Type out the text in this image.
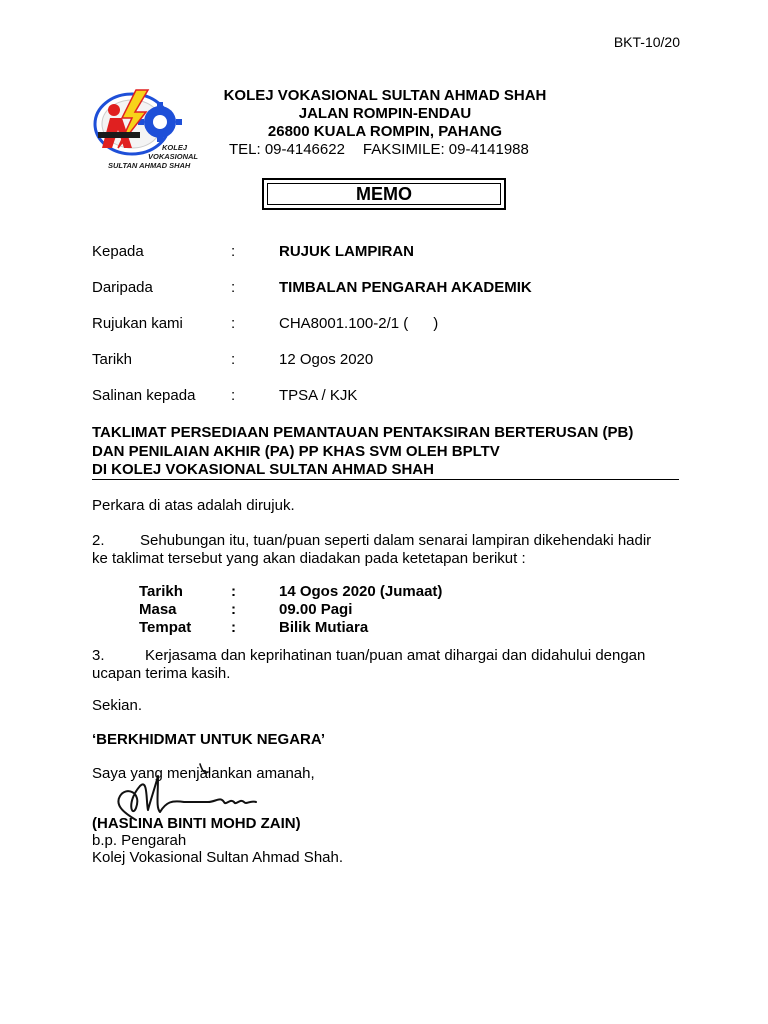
BKT-10/20
KOLEJ
VOKASIONAL
SULTAN AHMAD SHAH
KOLEJ VOKASIONAL SULTAN AHMAD SHAH
JALAN ROMPIN-ENDAU
26800 KUALA ROMPIN, PAHANG
TEL: 09-4146622 FAKSIMILE: 09-4141988
MEMO
Kepada	:	RUJUK LAMPIRAN
Daripada	:	TIMBALAN PENGARAH AKADEMIK
Rujukan kami	:	CHA8001.100-2/1 (      )
Tarikh	:	12 Ogos 2020
Salinan kepada :	TPSA / KJK
TAKLIMAT PERSEDIAAN PEMANTAUAN PENTAKSIRAN BERTERUSAN (PB)
DAN PENILAIAN AKHIR (PA) PP KHAS SVM OLEH BPLTV
DI KOLEJ VOKASIONAL SULTAN AHMAD SHAH
Perkara di atas adalah dirujuk.
2. Sehubungan itu, tuan/puan seperti dalam senarai lampiran dikehendaki hadir
ke taklimat tersebut yang akan diadakan pada ketetapan berikut :
Tarikh	:	14 Ogos 2020 (Jumaat)
Masa	:	09.00 Pagi
Tempat	:	Bilik Mutiara
3.	Kerjasama dan keprihatinan tuan/puan amat dihargai dan didahului dengan
ucapan terima kasih.
Sekian.
‘BERKHIDMAT UNTUK NEGARA’
Saya yang menjalankan amanah,
(HASLINA BINTI MOHD ZAIN)
b.p. Pengarah
Kolej Vokasional Sultan Ahmad Shah.
